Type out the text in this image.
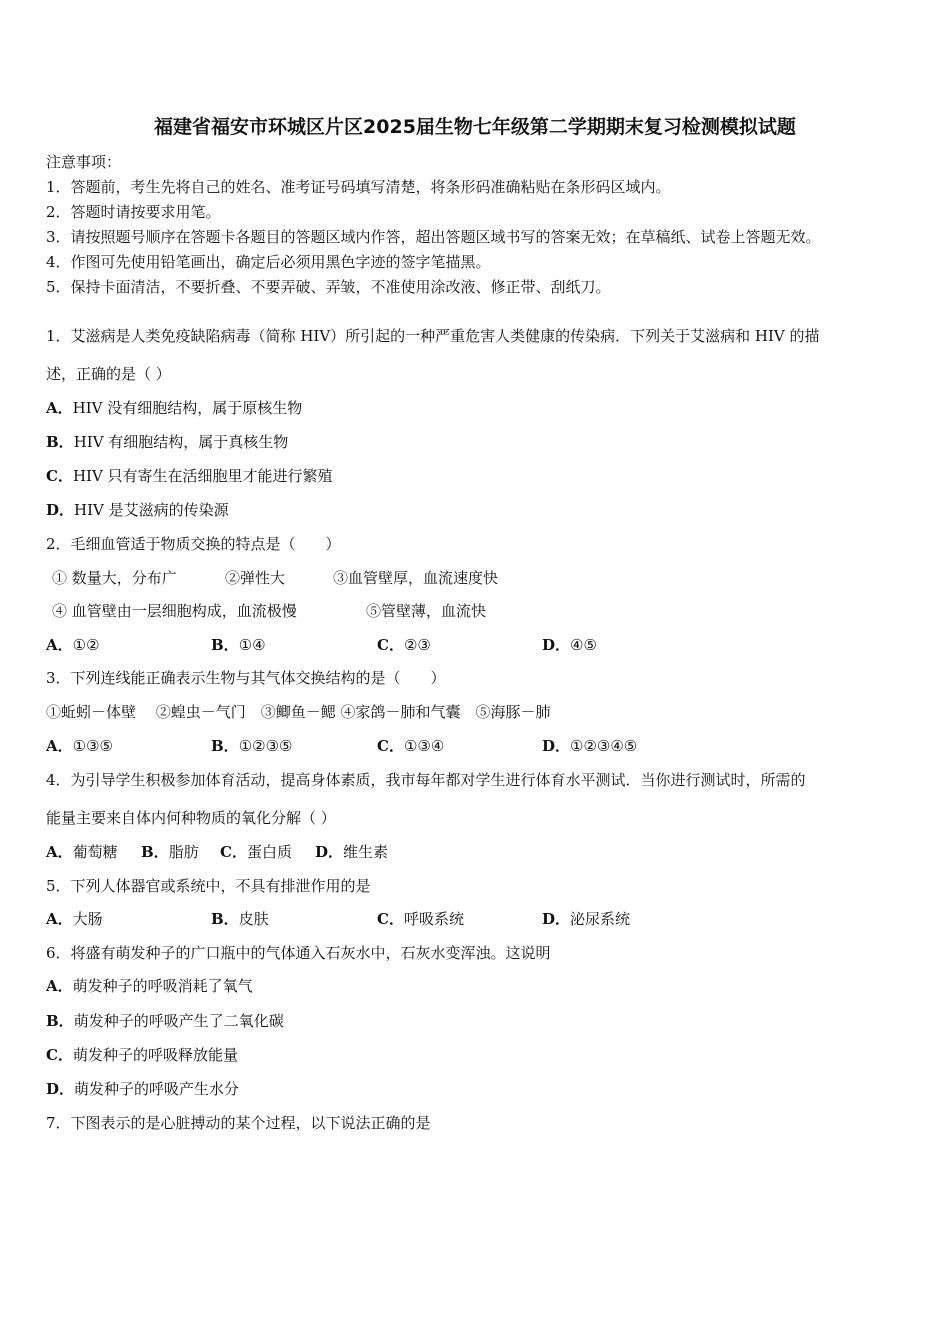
福建省福安市环城区片区2025届生物七年级第二学期期末复习检测模拟试题
注意事项：
1．答题前，考生先将自己的姓名、准考证号码填写清楚，将条形码准确粘贴在条形码区域内。
2．答题时请按要求用笔。
3．请按照题号顺序在答题卡各题目的答题区域内作答，超出答题区域书写的答案无效；在草稿纸、试卷上答题无效。
4．作图可先使用铅笔画出，确定后必须用黑色字迹的签字笔描黑。
5．保持卡面清洁，不要折叠、不要弄破、弄皱，不准使用涂改液、修正带、刮纸刀。
1．艾滋病是人类免疫缺陷病毒（简称 HIV）所引起的一种严重危害人类健康的传染病．下列关于艾滋病和 HIV 的描
述，正确的是（ ）
A．HIV 没有细胞结构，属于原核生物
B．HIV 有细胞结构，属于真核生物
C．HIV 只有寄生在活细胞里才能进行繁殖
D．HIV 是艾滋病的传染源
2．毛细血管适于物质交换的特点是（　　）
① 数量大，分布广	②弹性大	③血管壁厚，血流速度快
④ 血管壁由一层细胞构成，血流极慢	⑤管壁薄，血流快
A．①②	B．①④	C．②③	D．④⑤
3．下列连线能正确表示生物与其气体交换结构的是（　　）
①蚯蚓－体壁　 ②蝗虫－气门　③鲫鱼－鳃 ④家鸽－肺和气囊　⑤海豚－肺
A．①③⑤	B．①②③⑤	C．①③④	D．①②③④⑤
4．为引导学生积极参加体育活动，提高身体素质，我市每年都对学生进行体育水平测试．当你进行测试时，所需的
能量主要来自体内何种物质的氧化分解（ ）
A．葡萄糖 B．脂肪 C．蛋白质 D．维生素
5．下列人体器官或系统中，不具有排泄作用的是
A．大肠	B．皮肤	C．呼吸系统	D．泌尿系统
6．将盛有萌发种子的广口瓶中的气体通入石灰水中，石灰水变浑浊。这说明
A．萌发种子的呼吸消耗了氧气
B．萌发种子的呼吸产生了二氧化碳
C．萌发种子的呼吸释放能量
D．萌发种子的呼吸产生水分
7．下图表示的是心脏搏动的某个过程，以下说法正确的是
